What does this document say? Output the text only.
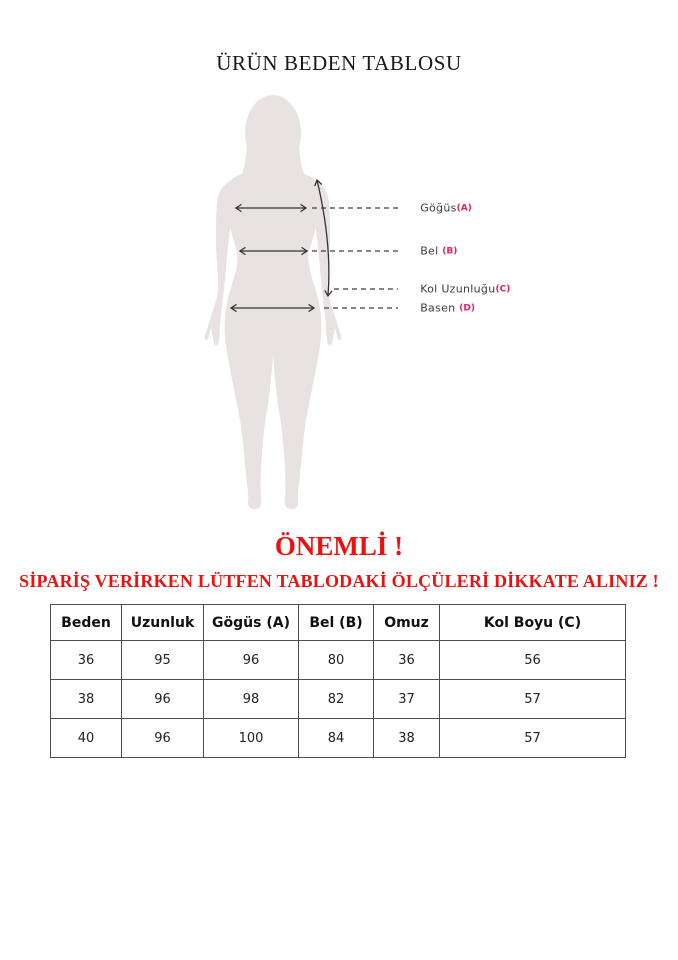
ÜRÜN BEDEN TABLOSU

Göğüs(A)

Bel (B)

Kol Uzunluğu(C)

Basen (D)

ÖNEMLİ !
SİPARİŞ VERİRKEN LÜTFEN TABLODAKİ ÖLÇÜLERİ DİKKATE ALINIZ !
Beden	Uzunluk	Gögüs (A)	Bel (B)	Omuz	Kol Boyu (C)
36	95	96	80	36	56
38	96	98	82	37	57
40	96	100	84	38	57
